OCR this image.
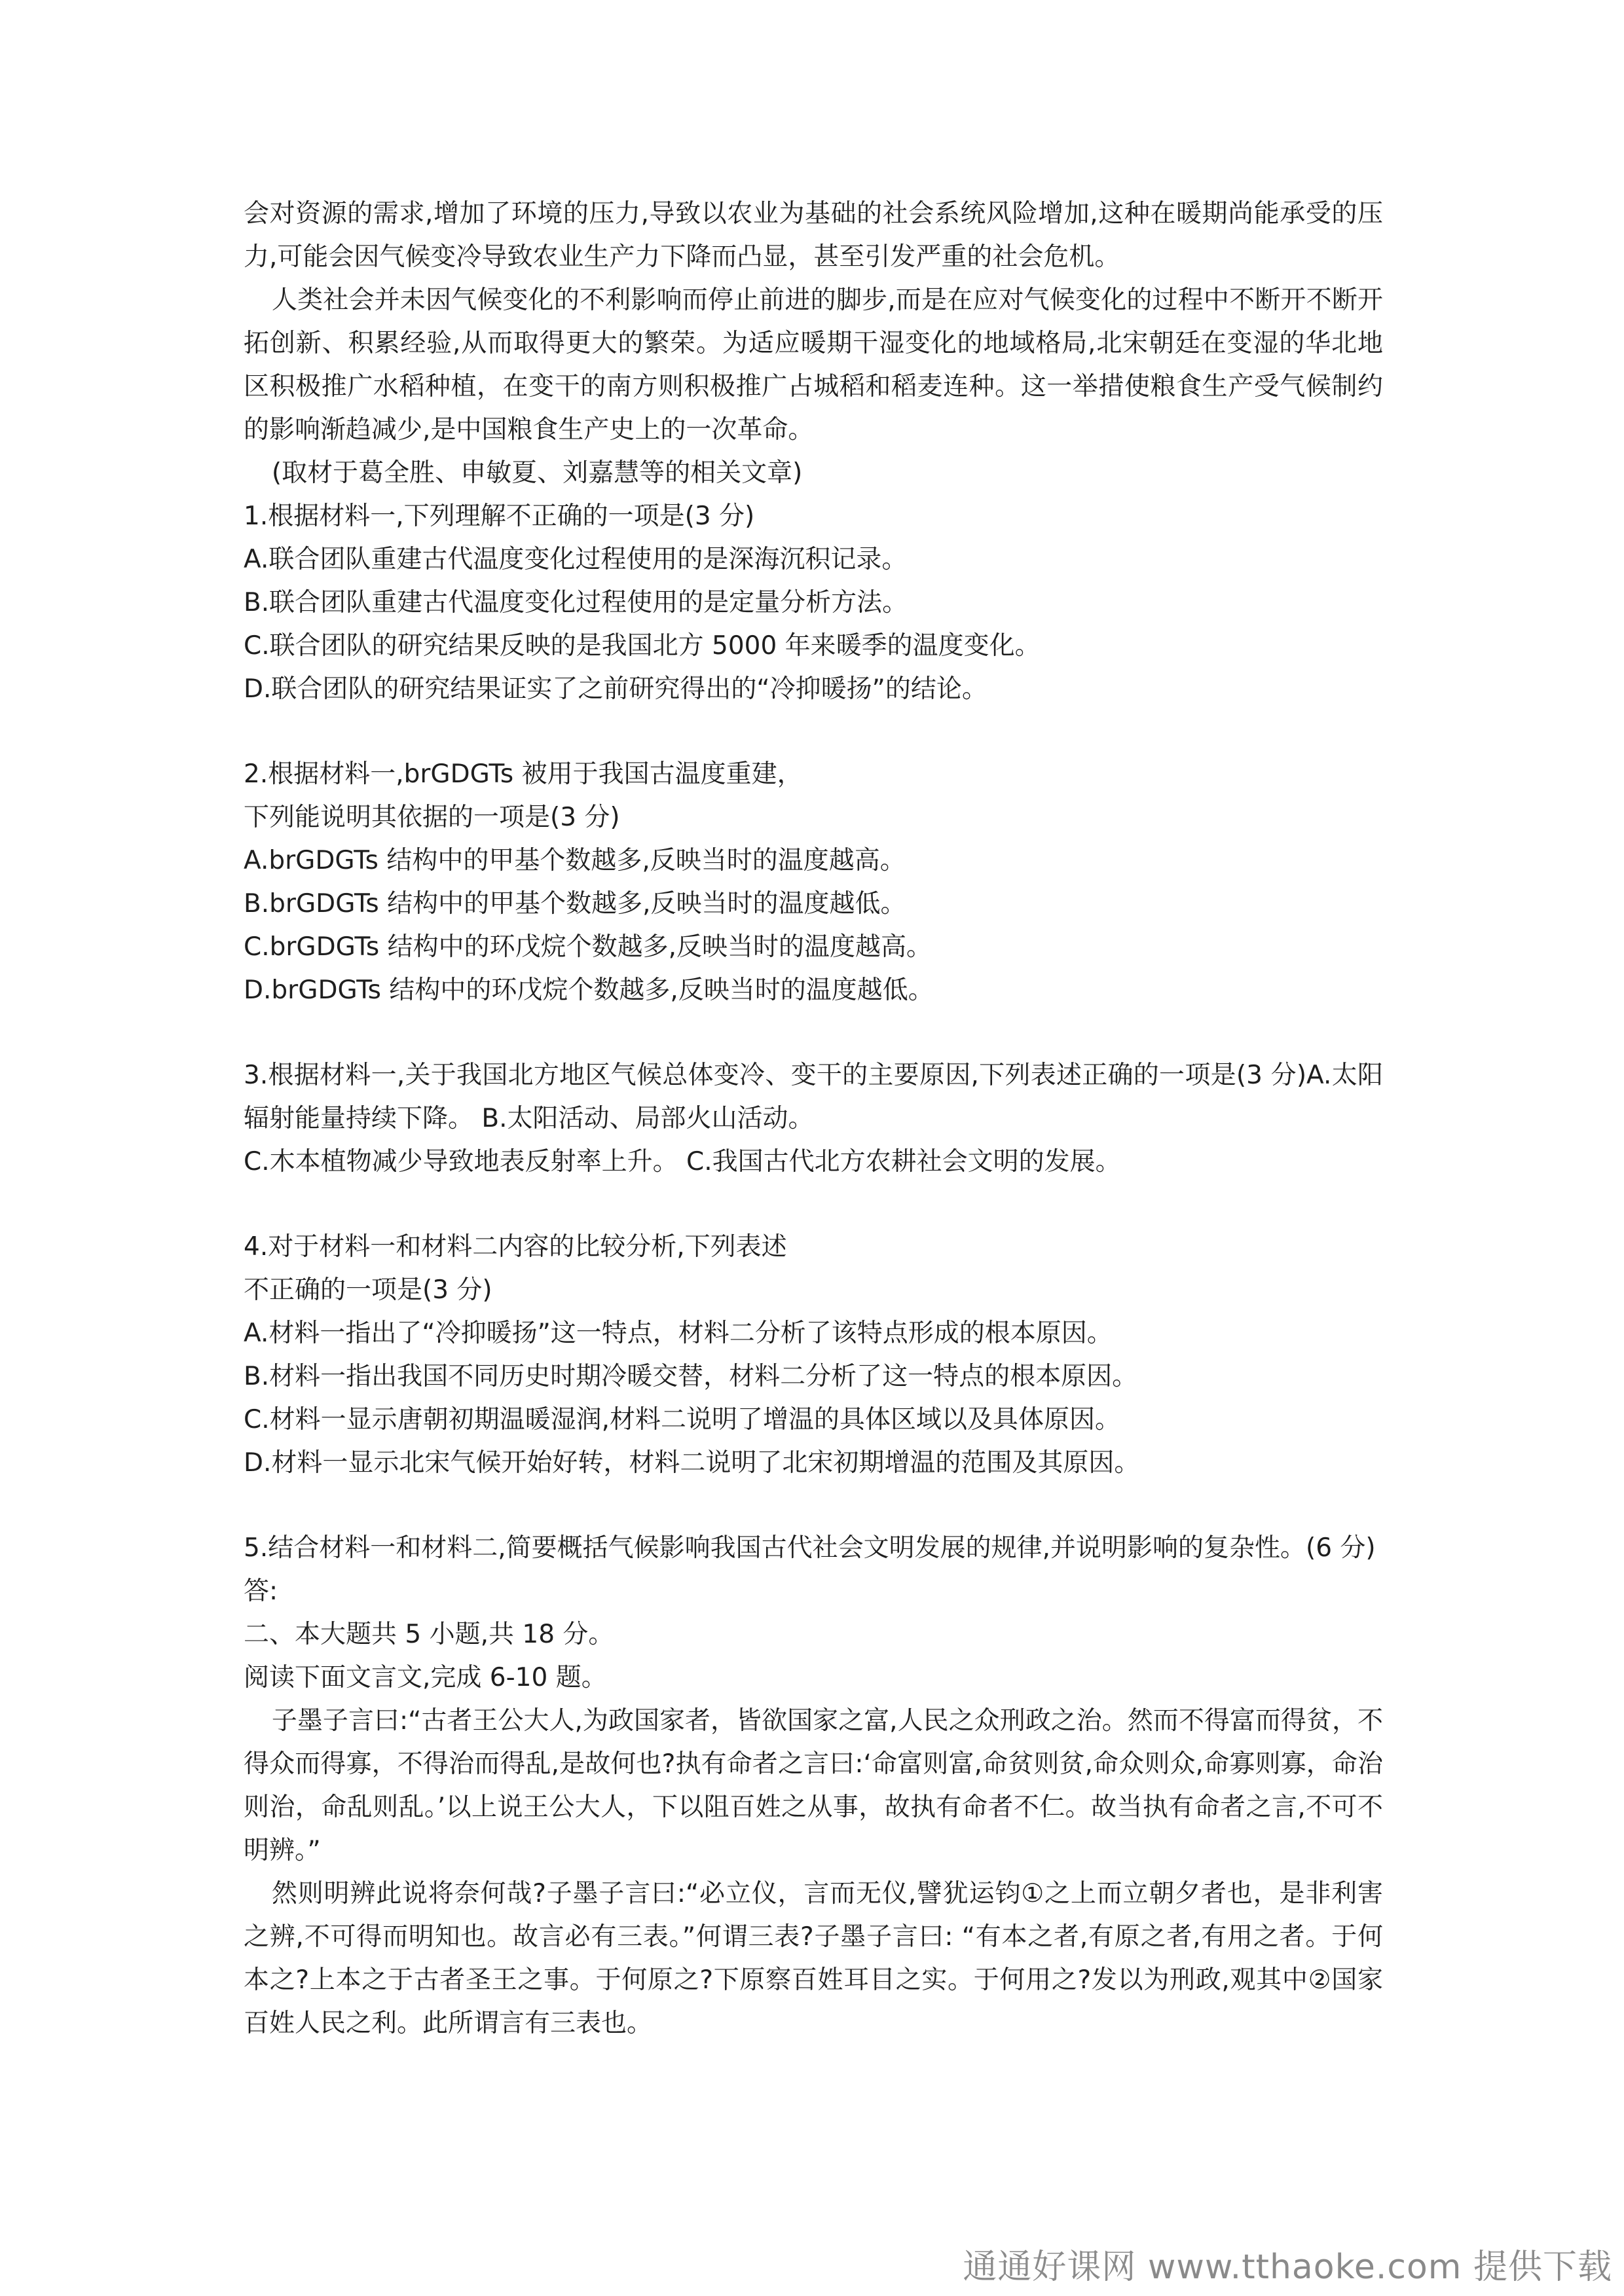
会对资源的需求,增加了环境的压力,导致以农业为基础的社会系统风险增加,这种在暖期尚能承受的压力,可能会因气候变冷导致农业生产力下降而凸显，甚至引发严重的社会危机。
人类社会并未因气候变化的不利影响而停止前进的脚步,而是在应对气候变化的过程中不断开不断开拓创新、积累经验,从而取得更大的繁荣。为适应暖期干湿变化的地域格局,北宋朝廷在变湿的华北地区积极推广水稻种植，在变干的南方则积极推广占城稻和稻麦连种。这一举措使粮食生产受气候制约的影响渐趋减少,是中国粮食生产史上的一次革命。
(取材于葛全胜、申敏夏、刘嘉慧等的相关文章)
1.根据材料一,下列理解不正确的一项是(3 分)
A.联合团队重建古代温度变化过程使用的是深海沉积记录。
B.联合团队重建古代温度变化过程使用的是定量分析方法。
C.联合团队的研究结果反映的是我国北方 5000 年来暖季的温度变化。
D.联合团队的研究结果证实了之前研究得出的“冷抑暖扬”的结论。
2.根据材料一,brGDGTs 被用于我国古温度重建，
下列能说明其依据的一项是(3 分)
A.brGDGTs 结构中的甲基个数越多,反映当时的温度越高。
B.brGDGTs 结构中的甲基个数越多,反映当时的温度越低。
C.brGDGTs 结构中的环戊烷个数越多,反映当时的温度越高。
D.brGDGTs 结构中的环戊烷个数越多,反映当时的温度越低。
3.根据材料一,关于我国北方地区气候总体变冷、变干的主要原因,下列表述正确的一项是(3 分)A.太阳辐射能量持续下降。 B.太阳活动、局部火山活动。
C.木本植物减少导致地表反射率上升。 C.我国古代北方农耕社会文明的发展。
4.对于材料一和材料二内容的比较分析,下列表述
不正确的一项是(3 分)
A.材料一指出了“冷抑暖扬”这一特点，材料二分析了该特点形成的根本原因。
B.材料一指出我国不同历史时期冷暖交替，材料二分析了这一特点的根本原因。
C.材料一显示唐朝初期温暖湿润,材料二说明了增温的具体区域以及具体原因。
D.材料一显示北宋气候开始好转，材料二说明了北宋初期增温的范围及其原因。
5.结合材料一和材料二,简要概括气候影响我国古代社会文明发展的规律,并说明影响的复杂性。(6 分)
答:
二、本大题共 5 小题,共 18 分。
阅读下面文言文,完成 6-10 题。
子墨子言曰:“古者王公大人,为政国家者，皆欲国家之富,人民之众刑政之治。然而不得富而得贫，不得众而得寡，不得治而得乱,是故何也?执有命者之言曰:‘命富则富,命贫则贫,命众则众,命寡则寡，命治则治，命乱则乱。’以上说王公大人，下以阻百姓之从事，故执有命者不仁。故当执有命者之言,不可不明辨。”
然则明辨此说将奈何哉?子墨子言曰:“必立仪，言而无仪,譬犹运钧①之上而立朝夕者也，是非利害之辨,不可得而明知也。故言必有三表。”何谓三表?子墨子言曰: “有本之者,有原之者,有用之者。于何本之?上本之于古者圣王之事。于何原之?下原察百姓耳目之实。于何用之?发以为刑政,观其中②国家百姓人民之利。此所谓言有三表也。
通通好课网 www.tthaoke.com 提供下载
